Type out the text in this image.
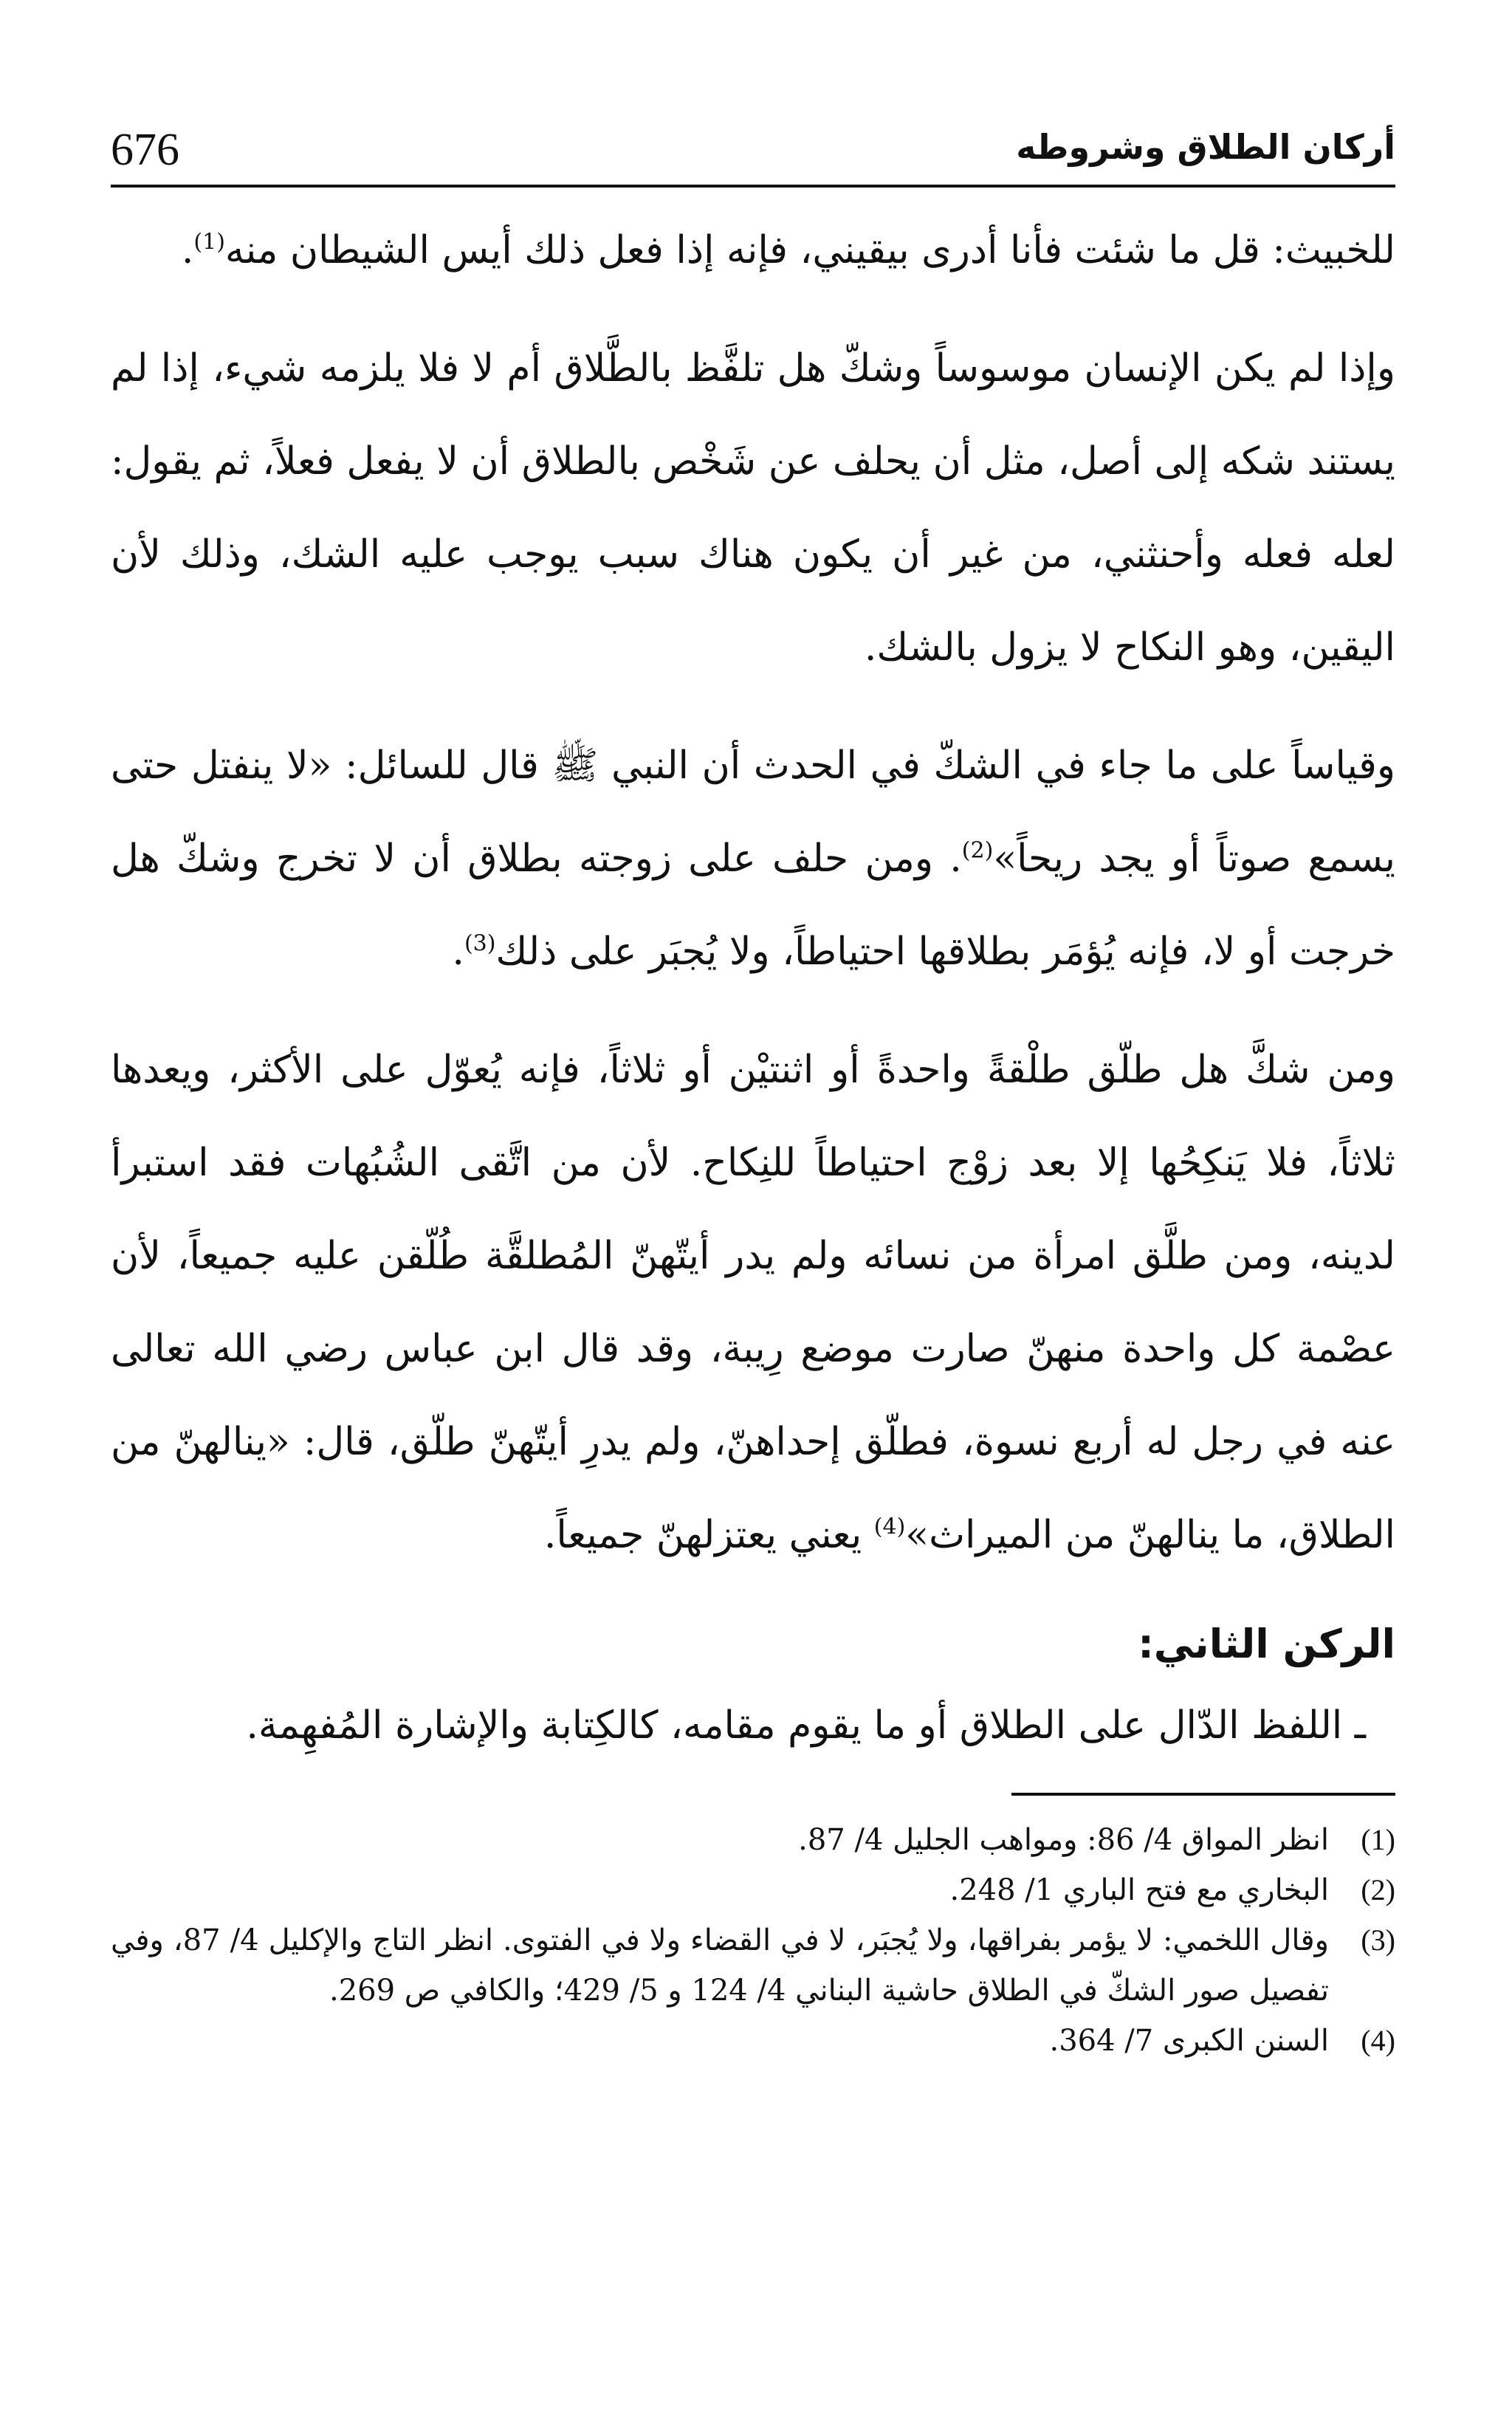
676	أركان الطلاق وشروطه

للخبيث: قل ما شئت فأنا أدرى بيقيني، فإنه إذا فعل ذلك أيس الشيطان منه$^{(1)}$.

وإذا لم يكن الإنسان موسوساً وشكّ هل تلفَّظ بالطَّلاق أم لا فلا يلزمه شيء، إذا لم يستند شكه إلى أصل، مثل أن يحلف عن شَخْص بالطلاق أن لا يفعل فعلاً، ثم يقول: لعله فعله وأحنثني، من غير أن يكون هناك سبب يوجب عليه الشك، وذلك لأن اليقين، وهو النكاح لا يزول بالشك.

وقياساً على ما جاء في الشكّ في الحدث أن النبي ﷺ قال للسائل: «لا ينفتل حتى يسمع صوتاً أو يجد ريحاً»$^{(2)}$. ومن حلف على زوجته بطلاق أن لا تخرج وشكّ هل خرجت أو لا، فإنه يُؤمَر بطلاقها احتياطاً، ولا يُجبَر على ذلك$^{(3)}$.

ومن شكَّ هل طلّق طلْقةً واحدةً أو اثنتيْن أو ثلاثاً، فإنه يُعوّل على الأكثر، ويعدها ثلاثاً، فلا يَنكِحُها إلا بعد زوْج احتياطاً للنِكاح. لأن من اتَّقى الشُبُهات فقد استبرأ لدينه، ومن طلَّق امرأة من نسائه ولم يدر أيتّهنّ المُطلقَّة طُلّقن عليه جميعاً، لأن عصْمة كل واحدة منهنّ صارت موضع رِيبة، وقد قال ابن عباس رضي الله تعالى عنه في رجل له أربع نسوة، فطلّق إحداهنّ، ولم يدرِ أيتّهنّ طلّق، قال: «ينالهنّ من الطلاق، ما ينالهنّ من الميراث»$^{(4)}$ يعني يعتزلهنّ جميعاً.

الركن الثاني:
ـ اللفظ الدّال على الطلاق أو ما يقوم مقامه، كالكِتابة والإشارة المُفهِمة.
(1)
انظر المواق 4/ 86: ومواهب الجليل 4/ 87.
(2)
البخاري مع فتح الباري 1/ 248.
(3)
وقال اللخمي: لا يؤمر بفراقها، ولا يُجبَر، لا في القضاء ولا في الفتوى. انظر التاج والإكليل 4/ 87، وفي تفصيل صور الشكّ في الطلاق حاشية البناني 4/ 124 و 5/ 429؛ والكافي ص 269.
(4)
السنن الكبرى 7/ 364.
